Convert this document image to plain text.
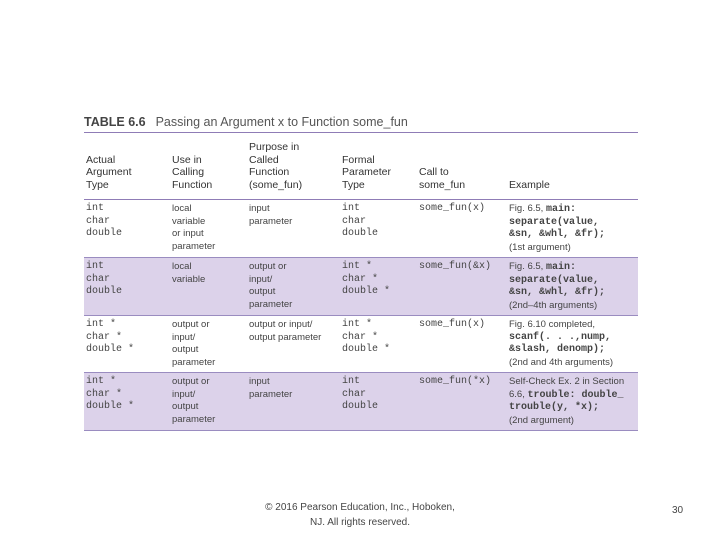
TABLE 6.6 Passing an Argument x to Function some_fun
Actual
Argument
Type	Use in
Calling
Function	Purpose in
Called
Function
(some_fun)	Formal
Parameter
Type	Call to
some_fun	Example

int
char
double	local
variable
or input
parameter	input
parameter	int
char
double	some_fun(x)	Fig. 6.5, main:
separate(value,
&sn, &whl, &fr);
(1st argument)

int
char
double	local
variable	output or
input/
output
parameter	int *
char *
double *	some_fun(&x)	Fig. 6.5, main:
separate(value,
&sn, &whl, &fr);
(2nd–4th arguments)

int *
char *
double *	output or
input/
output
parameter	output or input/
output parameter	int *
char *
double *	some_fun(x)	Fig. 6.10 completed,
scanf(. . .,nump,
&slash, denomp);
(2nd and 4th arguments)

int *
char *
double *	output or
input/
output
parameter	input
parameter	int
char
double	some_fun(*x)	Self-Check Ex. 2 in Section
6.6, trouble: double_
trouble(y, *x);
(2nd argument)
© 2016 Pearson Education, Inc., Hoboken,
NJ. All rights reserved.
30
